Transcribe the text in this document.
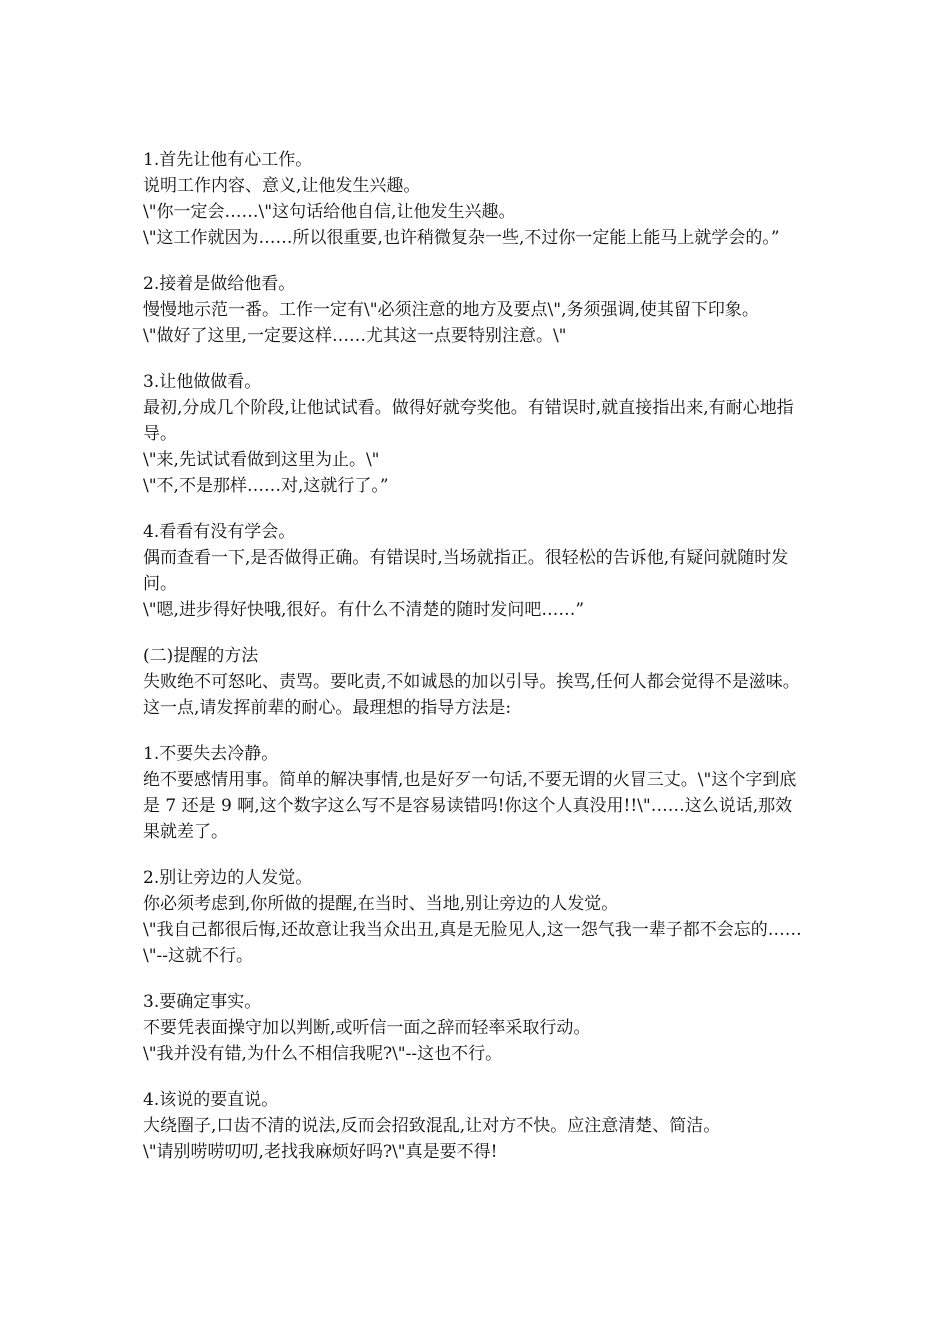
1.首先让他有心工作。
说明工作内容、意义,让他发生兴趣。
\"你一定会……\"这句话给他自信,让他发生兴趣。
\"这工作就因为……所以很重要,也许稍微复杂一些,不过你一定能上能马上就学会的。”
2.接着是做给他看。
慢慢地示范一番。工作一定有\"必须注意的地方及要点\",务须强调,使其留下印象。
\"做好了这里,一定要这样……尤其这一点要特别注意。\"
3.让他做做看。
最初,分成几个阶段,让他试试看。做得好就夸奖他。有错误时,就直接指出来,有耐心地指导。
\"来,先试试看做到这里为止。\"
\"不,不是那样……对,这就行了。”
4.看看有没有学会。
偶而查看一下,是否做得正确。有错误时,当场就指正。很轻松的告诉他,有疑问就随时发问。
\"嗯,进步得好快哦,很好。有什么不清楚的随时发问吧……”
(二)提醒的方法
失败绝不可怒叱、责骂。要叱责,不如诚恳的加以引导。挨骂,任何人都会觉得不是滋味。这一点,请发挥前辈的耐心。最理想的指导方法是:
1.不要失去冷静。
绝不要感情用事。简单的解决事情,也是好歹一句话,不要无谓的火冒三丈。\"这个字到底是 7 还是 9 啊,这个数字这么写不是容易读错吗!你这个人真没用!!\"……这么说话,那效果就差了。
2.别让旁边的人发觉。
你必须考虑到,你所做的提醒,在当时、当地,别让旁边的人发觉。
\"我自己都很后悔,还故意让我当众出丑,真是无脸见人,这一怨气我一辈子都不会忘的……\"--这就不行。
3.要确定事实。
不要凭表面操守加以判断,或听信一面之辞而轻率采取行动。
\"我并没有错,为什么不相信我呢?\"--这也不行。
4.该说的要直说。
大绕圈子,口齿不清的说法,反而会招致混乱,让对方不快。应注意清楚、简洁。
\"请别唠唠叨叨,老找我麻烦好吗?\"真是要不得!
